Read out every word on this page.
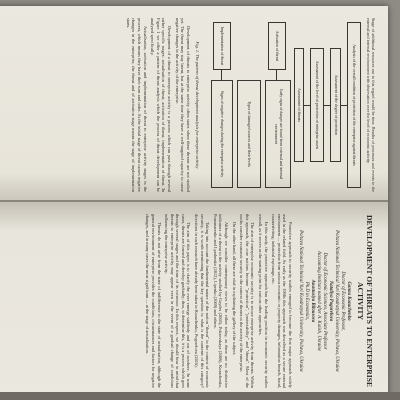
Stage of additional resources use in this regard would be time. Results of processes and events in the external and internal environment with observation over the level of economic activity

Analysis of the overall condition of protection of the enterprise against threats
Assessment of the degree of protection
Assessment of the level of protection of enterprise assets
Assessment of threats
Activation of threat
Early signs of danger are found from external and internal environment
Types of damaged sources and their levels
Implementation of threat
Signs of negative changes during the enterprise activity

Fig. 1. The pattern of threat development analysis for enterprise activity

Development of threats to enterprise activity often starts when these threats are not studied yet. The threat may stay latent, but at the same time they have a well-targeted capacity to cause negative changes in the activity of the enterprise.

Development of a threat to enterprise activity is a process which can pass through several rather specific stages: actualisation of threat, activation of threat, implementation of threat. In Figure 1 we offer a pattern of threat analysis which the process of threat development can be analysed specifically.

Actualisation, activation and implementation of threat to enterprise activity stages in the process, which means they have their turn and order. At the initial stage of threat causes negative changes in the enterprise, the threat and of activation stage means the stage of implementation starts.

DEVELOPMENT OF THREATS TO ENTERPRISE ACTIVITY

Ganna Kozachenko

Doctor of Economic Professor,

Poltava National Technical Yuri Kondratyuk University, Poltava, Ukraine

Nataliya Pogorelova

Doctor of Economic Sciences, Associate Professor

Accounting Institute named after A. Kulish, Ukraine

Anastasiya Bilousova

Ph.D in Economics,

Poltava National Technical Yuri Kondratyuk University, Poltava, Ukraine

Protective approach to security studies emerged to become the first major approach widely used in the related field. As early as the 1990s this approach was described as a secure external environment — protection from various economic or property damages, information breach, fraud, counterfeiting, industrial espionage, etc.

In this study, the protective approach has the leading position in economic security studies overall, as it serves as the starting point for various other approaches.

The aim of enterprise economic security is to secure enterprise activity from threats. Within this approach, the core notions become "protection", "protectability" and "threat". Most of the works consider economic security in the context of threats to the activity of the enterprise.

On the other hand, all these are vital in explaining the gallery of the subject.

Although we consider contemporary views to be either today, as there are no distinctive indicators of a threat to the activity studied by Gaydes (2005), Pokrovskaya (2006), Kozachenko, Ponomarenko and Lyashenko (2012), Lipenko (2009) and others.

Taking into account the fundamental nature of the notion "threat" in the context of economic security, it is worth mentioning that the key question is: what is the contents of this category? directions in such research have already been taken in Kozachenko, Pogorelova (2016).

The aim of this paper is to clarify the ever emerge suddenly and out of nowhere. In some cases, threats are formed and develop gradually; thus, to determine this, it is a process which goes through several stages and the time of its existence. In this respect, we should bear in mind that threats to enterprise activity may appear even in the event of a gradual change of conditions influencing the enterprise activity.

Threats do not arise from the state of indifference to the state of actualisation, although the general environment of enterprise provides the conditions, circumstances and factors for negative changes, and in many cases the most significant — at the stage of actualization.
